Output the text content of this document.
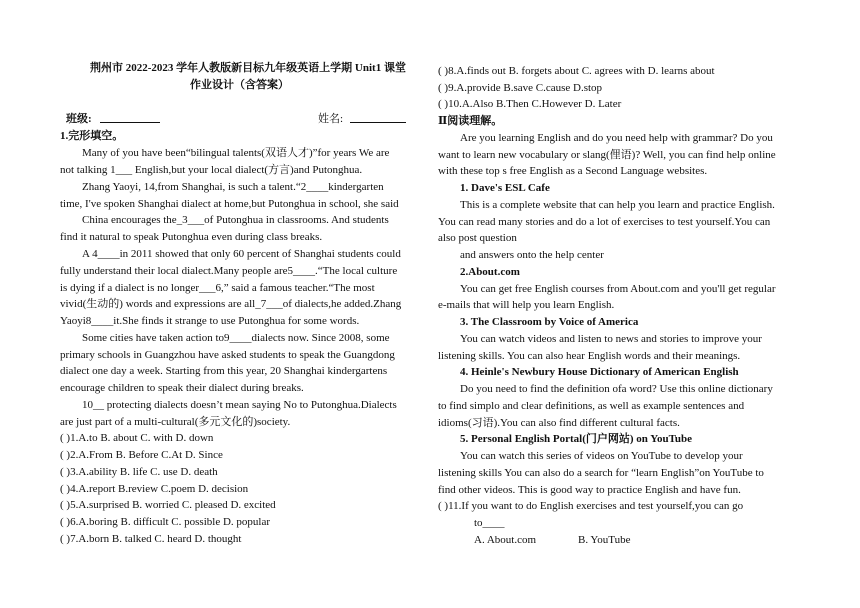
荆州市 2022-2023 学年人教版新目标九年级英语上学期 Unit1 课堂
作业设计（含答案）
班级:	姓名:
1.完形填空。
Many of you have been“bilingual talents(双语人才)”for years We are
not talking 1___ English,but your local dialect(方言)and Putonghua.
Zhang Yaoyi, 14,from Shanghai, is such a talent.“2____kindergarten
time, I've spoken Shanghai dialect at home,but Putonghua in school, she said
China encourages the_3___of Putonghua in classrooms. And students
find it natural to speak Putonghua even during class breaks.
A 4____in 2011 showed that only 60 percent of Shanghai students could
fully understand their local dialect.Many people are5____.“The local culture
is dying if a dialect is no longer___6,” said a famous teacher.“The most
vivid(生动的) words and expressions are all_7___of dialects,he added.Zhang
Yaoyi8____it.She finds it strange to use Putonghua for some words.
Some cities have taken action to9____dialects now. Since 2008, some
primary schools in Guangzhou have asked students to speak the Guangdong
dialect one day a week. Starting from this year, 20 Shanghai kindergartens
encourage children to speak their dialect during breaks.
10__ protecting dialects doesn’t mean saying No to Putonghua.Dialects
are just part of a multi-cultural(多元文化的)society.
( )1.A.to B. about C. with D. down
( )2.A.From B. Before C.At D. Since
( )3.A.ability B. life C. use D. death
( )4.A.report B.review C.poem D. decision
( )5.A.surprised B. worried C. pleased D. excited
( )6.A.boring B. difficult C. possible D. popular
( )7.A.born B. talked C. heard D. thought
( )8.A.finds out B. forgets about C. agrees with D. learns about
( )9.A.provide B.save C.cause D.stop
( )10.A.Also B.Then C.However D. Later
Ⅱ阅读理解。
Are you learning English and do you need help with grammar? Do you
want to learn new vocabulary or slang(俚语)? Well, you can find help online
with these top s free English as a Second Language websites.
1. Dave's ESL Cafe
This is a complete website that can help you learn and practice English.
You can read many stories and do a lot of exercises to test yourself.You can
also post question
and answers onto the help center
2.About.com
You can get free English courses from About.com and you'll get regular
e-mails that will help you learn English.
3. The Classroom by Voice of America
You can watch videos and listen to news and stories to improve your
listening skills. You can also hear English words and their meanings.
4. Heinle's Newbury House Dictionary of American English
Do you need to find the definition ofa word? Use this online dictionary
to find simplo and clear definitions, as well as example sentences and
idioms(习语).You can also find different cultural facts.
5. Personal English Portal(门户网站) on YouTube
You can watch this series of videos on YouTube to develop your
listening skills You can also do a search for “learn English”on YouTube to
find other videos. This is good way to practice English and have fun.
( )11.If you want to do English exercises and test yourself,you can go
to____
A. About.com	B. YouTube
